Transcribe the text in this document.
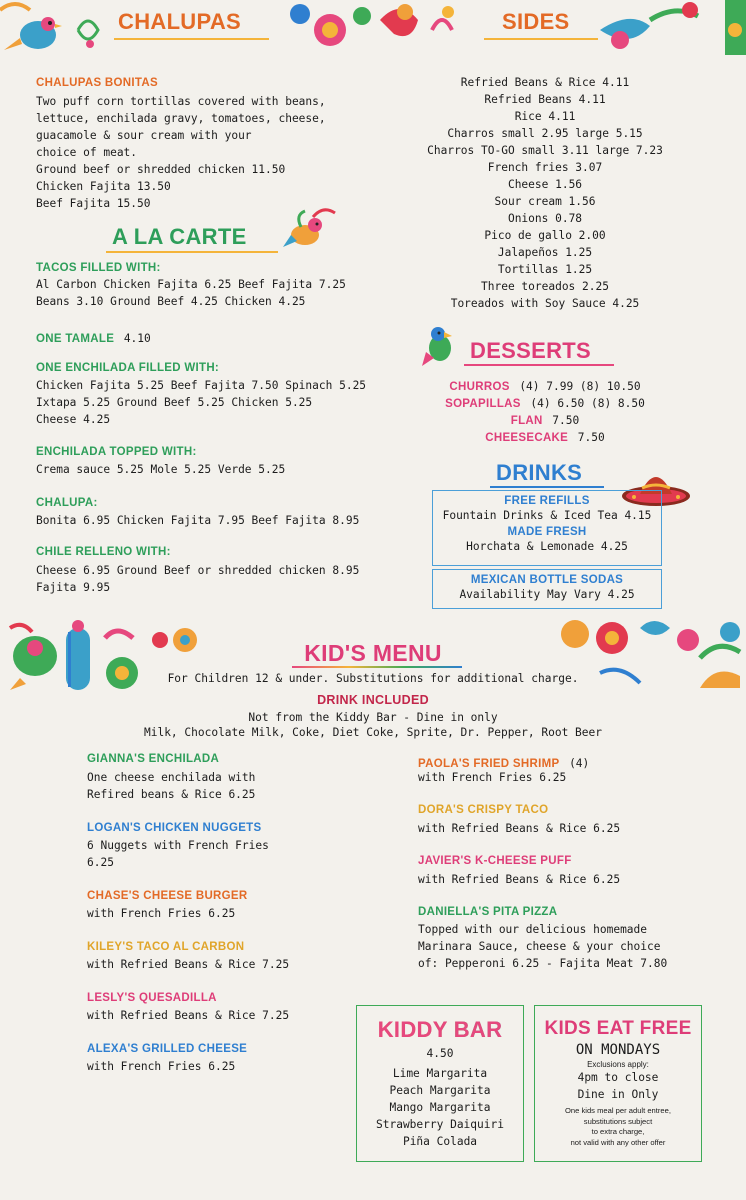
CHALUPAS
CHALUPAS BONITAS
Two puff corn tortillas covered with beans,
lettuce, enchilada gravy, tomatoes, cheese,
guacamole & sour cream with your
choice of meat.
Ground beef or shredded chicken 11.50
Chicken Fajita 13.50
Beef Fajita 15.50
A LA CARTE
TACOS FILLED WITH:
Al Carbon Chicken Fajita 6.25 Beef Fajita 7.25
Beans 3.10 Ground Beef 4.25 Chicken 4.25
ONE TAMALE 4.10
ONE ENCHILADA FILLED WITH:
Chicken Fajita 5.25 Beef Fajita 7.50 Spinach 5.25
Ixtapa 5.25 Ground Beef 5.25 Chicken 5.25
Cheese 4.25
ENCHILADA TOPPED WITH:
Crema sauce 5.25 Mole 5.25 Verde 5.25
CHALUPA:
Bonita 6.95 Chicken Fajita 7.95 Beef Fajita 8.95
CHILE RELLENO WITH:
Cheese 6.95 Ground Beef or shredded chicken 8.95
Fajita 9.95
SIDES
Refried Beans & Rice 4.11
Refried Beans 4.11
Rice 4.11
Charros small 2.95 large 5.15
Charros TO-GO small 3.11 large 7.23
French fries 3.07
Cheese 1.56
Sour cream 1.56
Onions 0.78
Pico de gallo 2.00
Jalapeños 1.25
Tortillas 1.25
Three toreados 2.25
Toreados with Soy Sauce 4.25
DESSERTS
CHURROS (4) 7.99 (8) 10.50
SOPAPILLAS (4) 6.50 (8) 8.50
FLAN 7.50
CHEESECAKE 7.50
DRINKS
FREE REFILLS
Fountain Drinks & Iced Tea 4.15
MADE FRESH
Horchata & Lemonade 4.25
MEXICAN BOTTLE SODAS
Availability May Vary 4.25
KID'S MENU
For Children 12 & under. Substitutions for additional charge.
DRINK INCLUDED
Not from the Kiddy Bar - Dine in only
Milk, Chocolate Milk, Coke, Diet Coke, Sprite, Dr. Pepper, Root Beer
GIANNA'S ENCHILADA
One cheese enchilada with
Refired beans & Rice 6.25
LOGAN'S CHICKEN NUGGETS
6 Nuggets with French Fries
6.25
CHASE'S CHEESE BURGER
with French Fries 6.25
KILEY'S TACO AL CARBON
with Refried Beans & Rice 7.25
LESLY'S QUESADILLA
with Refried Beans & Rice 7.25
ALEXA'S GRILLED CHEESE
with French Fries 6.25
PAOLA'S FRIED SHRIMP (4)
with French Fries 6.25
DORA'S CRISPY TACO
with Refried Beans & Rice 6.25
JAVIER'S K-CHEESE PUFF
with Refried Beans & Rice 6.25
DANIELLA'S PITA PIZZA
Topped with our delicious homemade
Marinara Sauce, cheese & your choice
of: Pepperoni 6.25 - Fajita Meat 7.80
KIDDY BAR
4.50
Lime Margarita
Peach Margarita
Mango Margarita
Strawberry Daiquiri
Piña Colada
KIDS EAT FREE
ON MONDAYS
Exclusions apply:
4pm to close
Dine in Only
One kids meal per adult entree,
substitutions subject
to extra charge,
not valid with any other offer
